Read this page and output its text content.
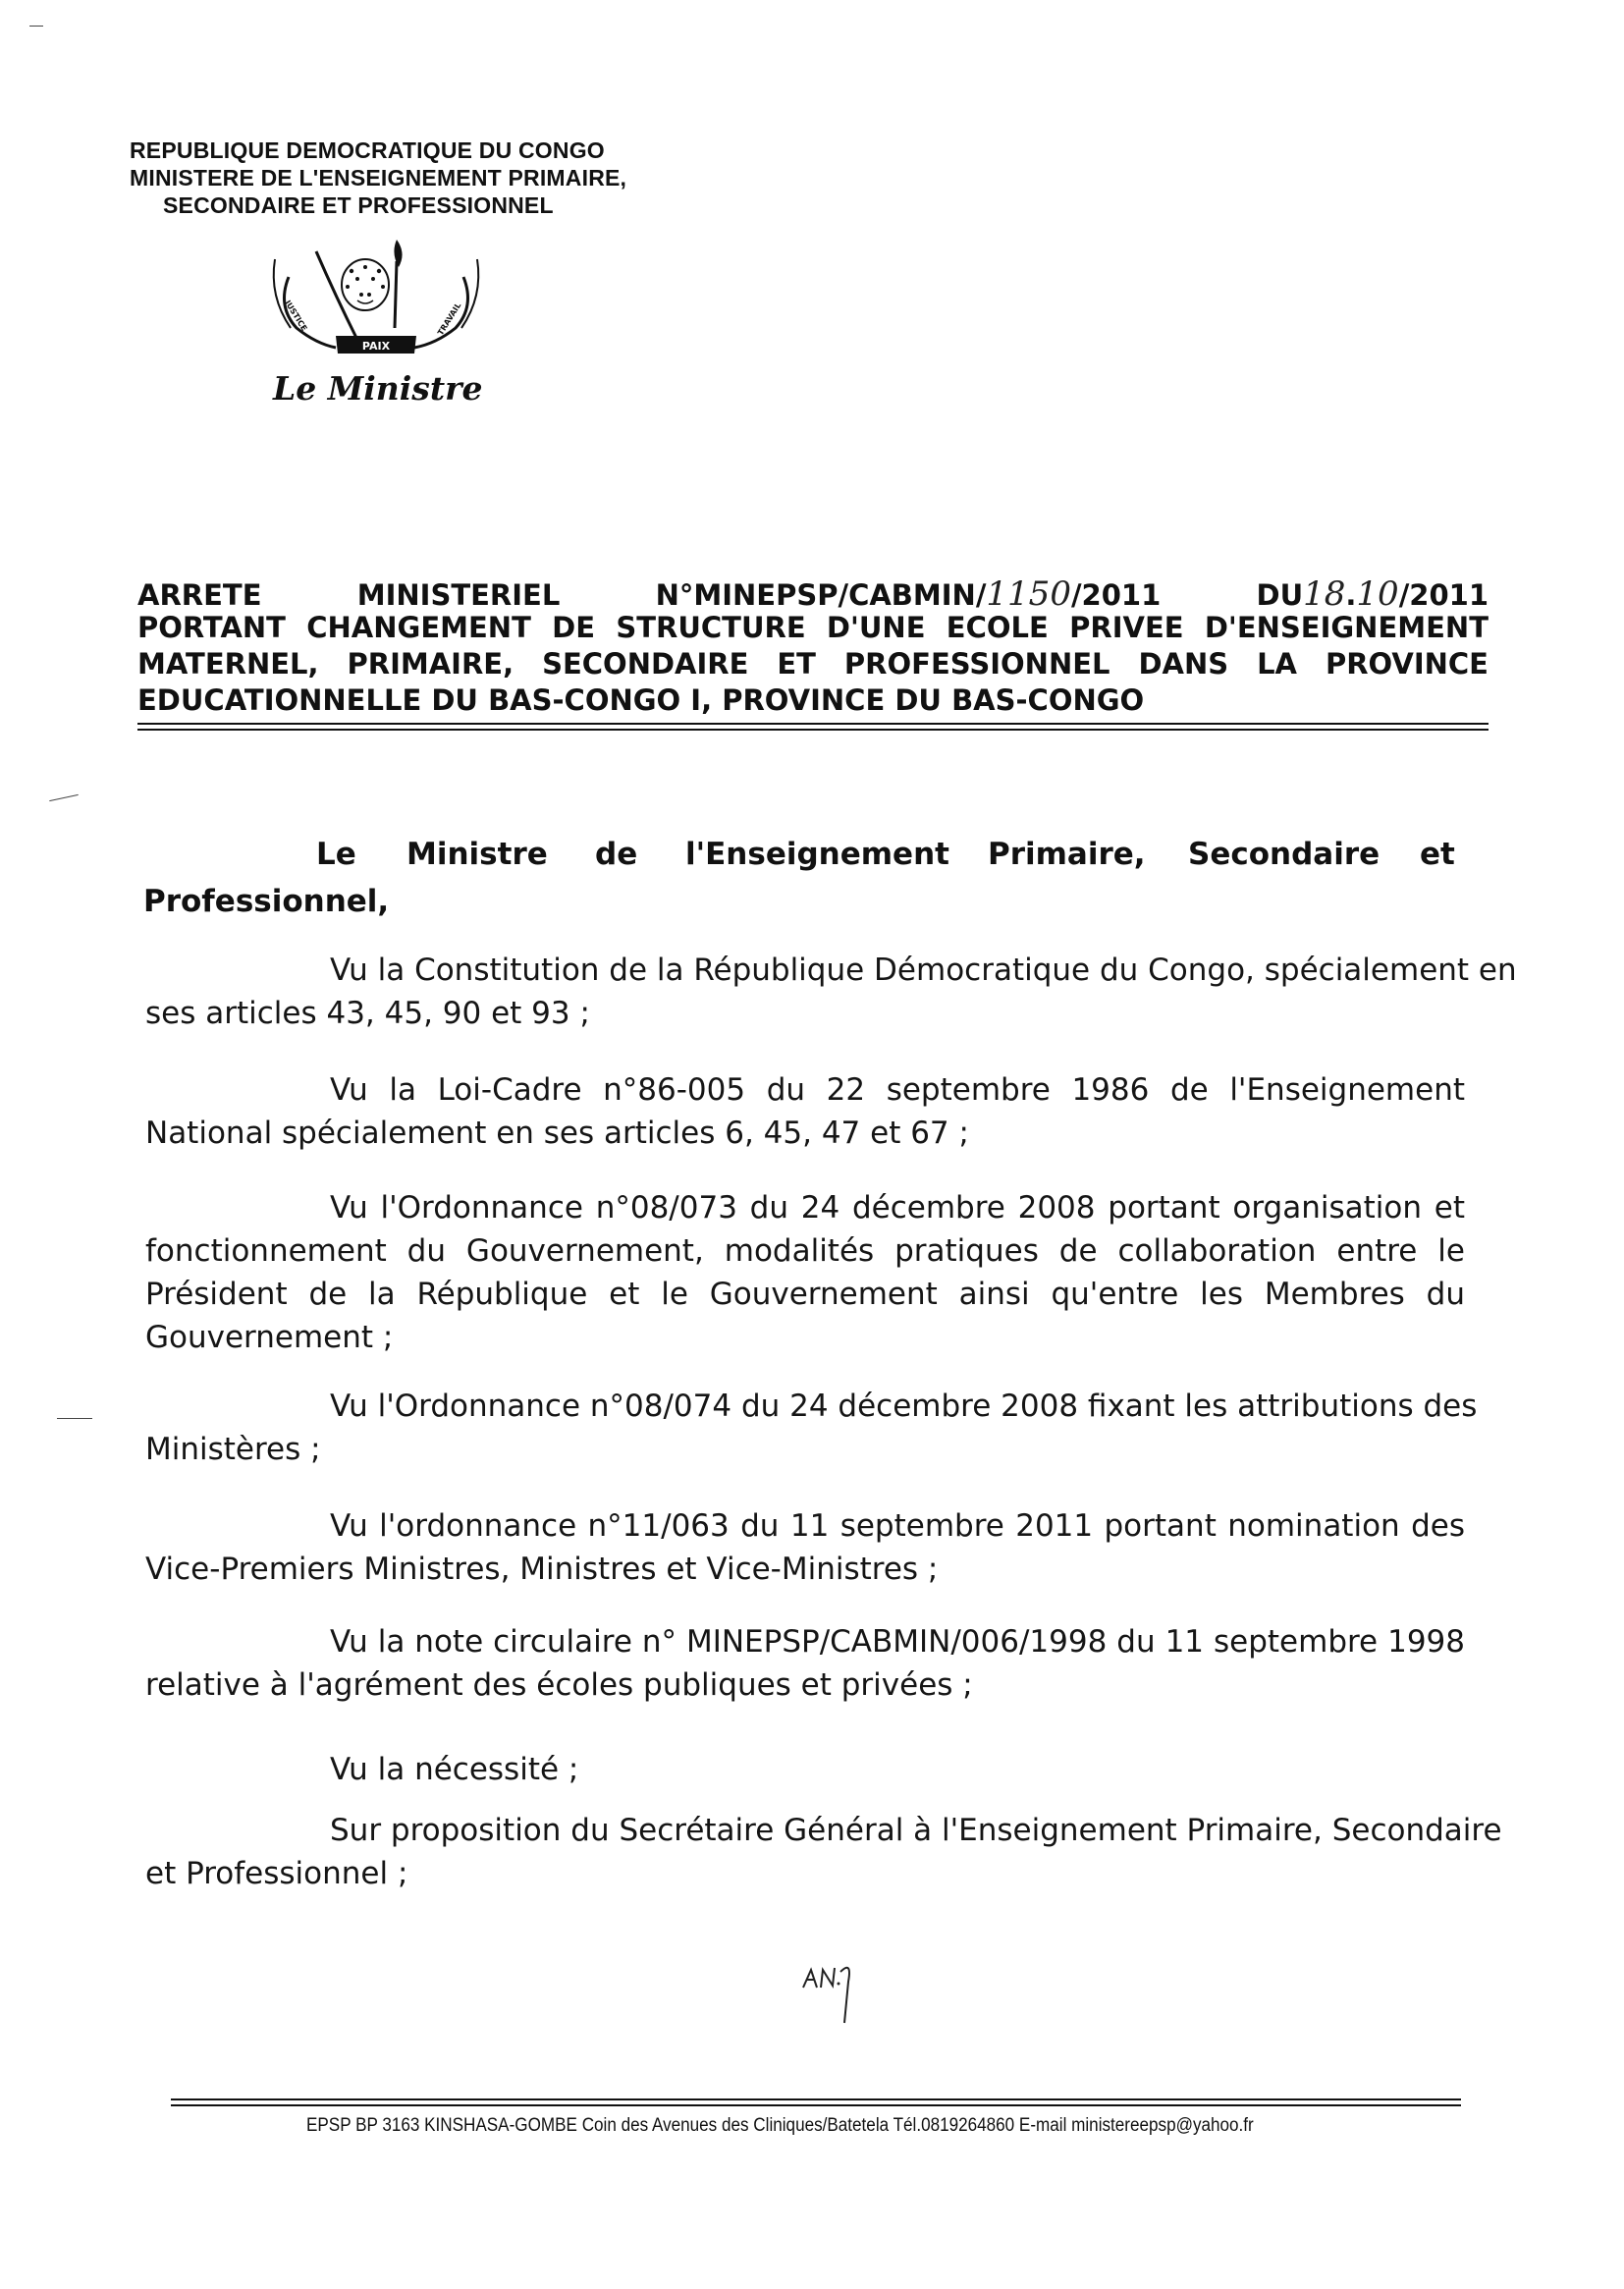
REPUBLIQUE DEMOCRATIQUE DU CONGO
MINISTERE DE L'ENSEIGNEMENT PRIMAIRE,
SECONDAIRE ET PROFESSIONNEL
PAIX
JUSTICE	TRAVAIL
Le Ministre
ARRETE	MINISTERIEL	N°MINEPSP/CABMIN/1150/2011	DU18.10/2011
PORTANT CHANGEMENT DE STRUCTURE D'UNE ECOLE PRIVEE D'ENSEIGNEMENT
MATERNEL, PRIMAIRE, SECONDAIRE ET PROFESSIONNEL DANS LA PROVINCE
EDUCATIONNELLE DU BAS-CONGO I, PROVINCE DU BAS-CONGO
Le Ministre de l'Enseignement Primaire, Secondaire et
Professionnel,
Vu la Constitution de la République Démocratique du Congo, spécialement en
ses articles 43, 45, 90 et 93 ;
Vu la Loi-Cadre n°86-005 du 22 septembre 1986 de l'Enseignement
National spécialement en ses articles 6, 45, 47 et 67 ;
Vu l'Ordonnance n°08/073 du 24 décembre 2008 portant organisation et
fonctionnement du Gouvernement, modalités pratiques de collaboration entre le
Président de la République et le Gouvernement ainsi qu'entre les Membres du
Gouvernement ;
Vu l'Ordonnance n°08/074 du 24 décembre 2008 fixant les attributions des
Ministères ;
Vu l'ordonnance n°11/063 du 11 septembre 2011 portant nomination des
Vice-Premiers Ministres, Ministres et Vice-Ministres ;
Vu la note circulaire n° MINEPSP/CABMIN/006/1998 du 11 septembre 1998
relative à l'agrément des écoles publiques et privées ;
Vu la nécessité ;
Sur proposition du Secrétaire Général à l'Enseignement Primaire, Secondaire
et Professionnel ;
EPSP BP 3163 KINSHASA-GOMBE Coin des Avenues des Cliniques/Batetela Tél.0819264860 E-mail ministereepsp@yahoo.fr
